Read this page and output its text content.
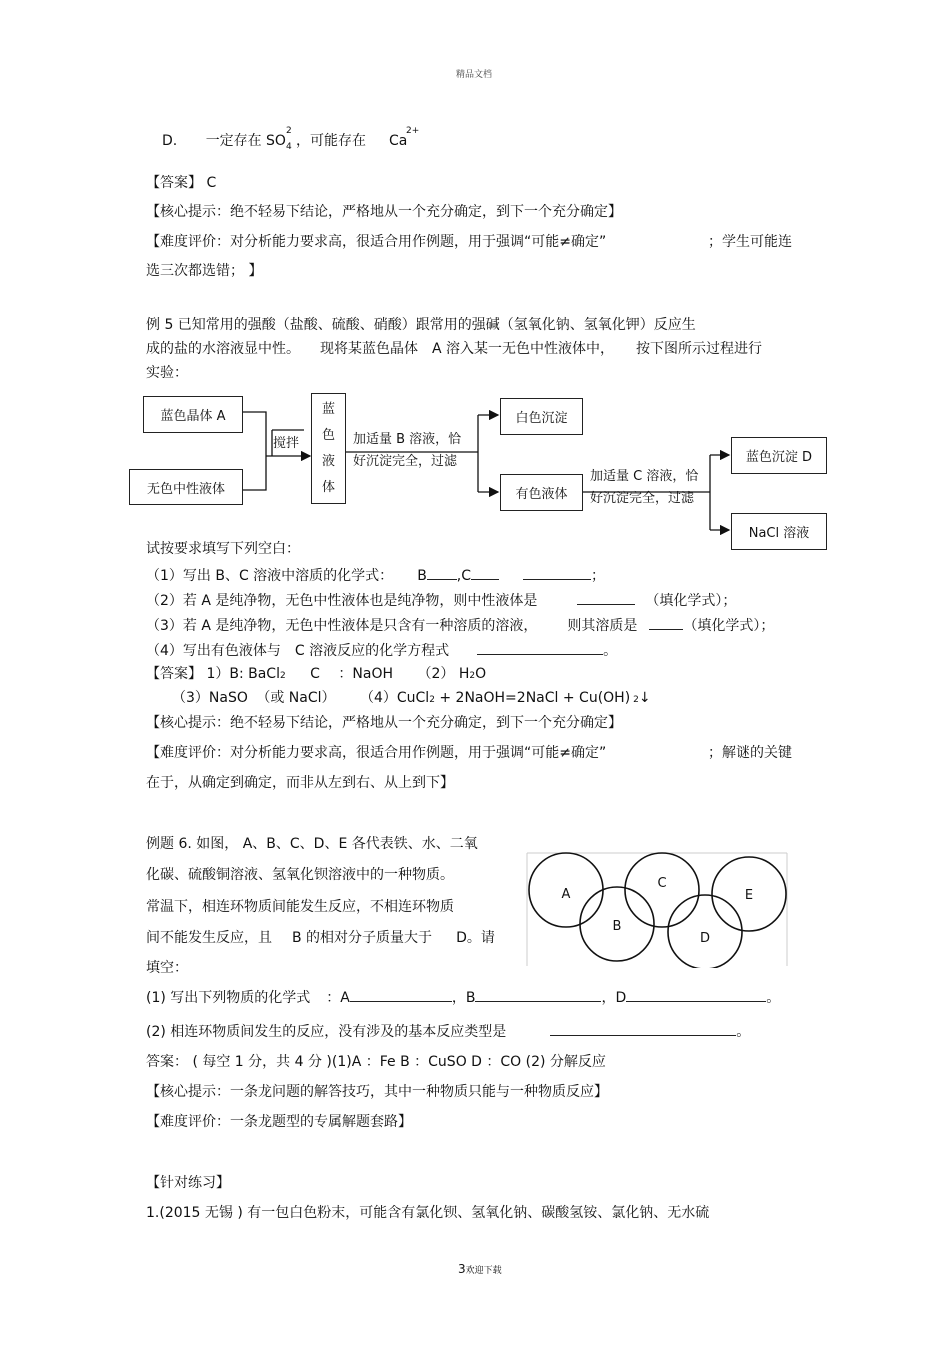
精品文档
3欢迎下载
D. 一定存在 SO
2
4 ，可能存在 Ca
2+
【答案】 C
【核心提示：绝不轻易下结论，严格地从一个充分确定，到下一个充分确定】
【难度评价：对分析能力要求高，很适合用作例题，用于强调“可能≠确定”	；学生可能连
选三次都选错； 】
例 5 已知常用的强酸（盐酸、硫酸、硝酸）跟常用的强碱（氢氧化钠、氢氧化钾）反应生
成的盐的水溶液显中性。 现将某蓝色晶体 A 溶入某一无色中性液体中， 按下图所示过程进行
实验：
蓝色晶体 A
无色中性液体
搅拌
蓝
色
液
体
加适量 B 溶液，恰
好沉淀完全，过滤
白色沉淀
有色液体
加适量 C 溶液，恰
好沉淀完全，过滤
蓝色沉淀 D
NaCl 溶液
试按要求填写下列空白：
（1）写出 B、C 溶液中溶质的化学式： B ,C	；
（2）若 A 是纯净物，无色中性液体也是纯净物，则中性液体是	（填化学式）；
（3）若 A 是纯净物，无色中性液体是只含有一种溶质的溶液， 则其溶质是	（填化学式）；
（4）写出有色液体与 C 溶液反应的化学方程式	。
【答案】 1）B: BaCl2 C ：NaOH （2） H2O
（3）NaSO （或 NaCl） （4）CuCl2 + 2NaOH=2NaCl + Cu(OH) 2↓
【核心提示：绝不轻易下结论，严格地从一个充分确定，到下一个充分确定】
【难度评价：对分析能力要求高，很适合用作例题，用于强调“可能≠确定”	；解谜的关键
在于，从确定到确定，而非从左到右、从上到下】
例题 6. 如图， A、B、C、D、E 各代表铁、水、二氧
化碳、硫酸铜溶液、氢氧化钡溶液中的一种物质。
常温下，相连环物质间能发生反应，不相连环物质
间不能发生反应，且 B 的相对分子质量大于 D。请
填空：
A
B
C
D
E
(1) 写出下列物质的化学式 ：A	，B	，D	。
(2) 相连环物质间发生的反应，没有涉及的基本反应类型是	。
答案： ( 每空 1 分，共 4 分 )(1)A ：Fe B ：CuSO D ：CO (2) 分解反应
【核心提示：一条龙问题的解答技巧，其中一种物质只能与一种物质反应】
【难度评价：一条龙题型的专属解题套路】
【针对练习】
1.(2015 无锡 ) 有一包白色粉末，可能含有氯化钡、氢氧化钠、碳酸氢铵、氯化钠、无水硫
